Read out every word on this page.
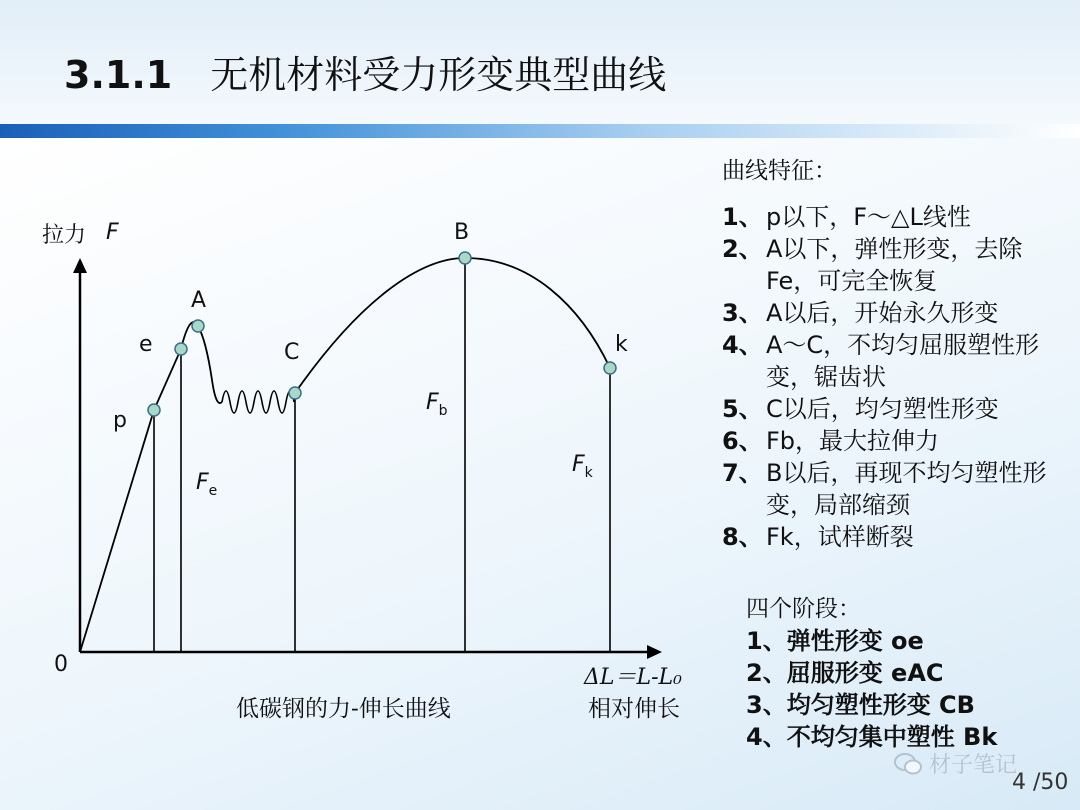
3.1.1 无机材料受力形变典型曲线
拉力 F
0
p
e
A
C
B
k
$F_e$
$F_b$
$F_k$
ΔL＝L-L₀
相对伸长
低碳钢的力-伸长曲线
曲线特征：
1、 p以下，F～△L线性
2、 A以下，弹性形变，去除Fe，可完全恢复
3、 A以后，开始永久形变
4、 A～C，不均匀屈服塑性形变，锯齿状
5、 C以后，均匀塑性形变
6、 Fb，最大拉伸力
7、 B以后，再现不均匀塑性形变，局部缩颈
8、 Fk，试样断裂
四个阶段：
1、弹性形变 oe
2、屈服形变 eAC
3、均匀塑性形变 CB
4、不均匀集中塑性 Bk
材子笔记
4 /50
